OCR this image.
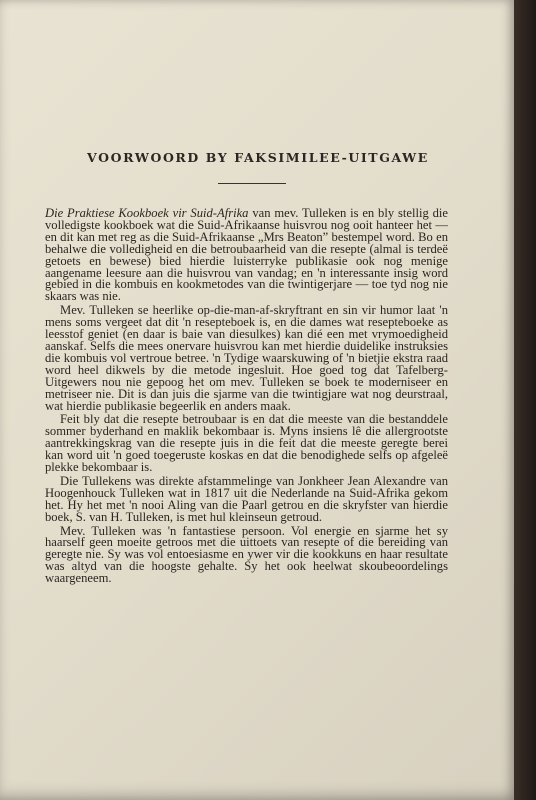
VOORWOORD BY FAKSIMILEE-UITGAWE

Die Praktiese Kookboek vir Suid-Afrika van mev. Tulleken is en bly stellig die volledigste kookboek wat die Suid-Afrikaanse huisvrou nog ooit hanteer het — en dit kan met reg as die Suid-Afrikaanse „Mrs Beaton” bestempel word. Bo en behalwe die volledigheid en die betroubaarheid van die resepte (almal is terdeë getoets en bewese) bied hierdie luisterryke publikasie ook nog menige aangename leesure aan die huisvrou van vandag; en 'n interessante insig word gebied in die kombuis en kookmetodes van die twintigerjare — toe tyd nog nie skaars was nie.

Mev. Tulleken se heerlike op-die-man-af-skryftrant en sin vir humor laat 'n mens soms vergeet dat dit 'n resepteboek is, en die dames wat resepteboeke as leesstof geniet (en daar is baie van diesulkes) kan dié een met vrymoedigheid aanskaf. Selfs die mees onervare huisvrou kan met hierdie duidelike instruksies die kombuis vol vertroue betree. 'n Tydige waarskuwing of 'n bietjie ekstra raad word heel dikwels by die metode ingesluit. Hoe goed tog dat Tafelberg-Uitgewers nou nie gepoog het om mev. Tulleken se boek te moderniseer en metriseer nie. Dit is dan juis die sjarme van die twintigjare wat nog deurstraal, wat hierdie publikasie begeerlik en anders maak.

Feit bly dat die resepte betroubaar is en dat die meeste van die bestanddele sommer byderhand en maklik bekombaar is. Myns insiens lê die allergrootste aantrekkingskrag van die resepte juis in die feit dat die meeste geregte berei kan word uit 'n goed toegeruste koskas en dat die benodighede selfs op afgeleë plekke bekombaar is.

Die Tullekens was direkte afstammelinge van Jonkheer Jean Alexandre van Hoogenhouck Tulleken wat in 1817 uit die Nederlande na Suid-Afrika gekom het. Hy het met 'n nooi Aling van die Paarl getrou en die skryfster van hierdie boek, S. van H. Tulleken, is met hul kleinseun getroud.

Mev. Tulleken was 'n fantastiese persoon. Vol energie en sjarme het sy haarself geen moeite getroos met die uittoets van resepte of die bereiding van geregte nie. Sy was vol entoesiasme en ywer vir die kookkuns en haar resultate was altyd van die hoogste gehalte. Sy het ook heelwat skoubeoordelings waargeneem.
